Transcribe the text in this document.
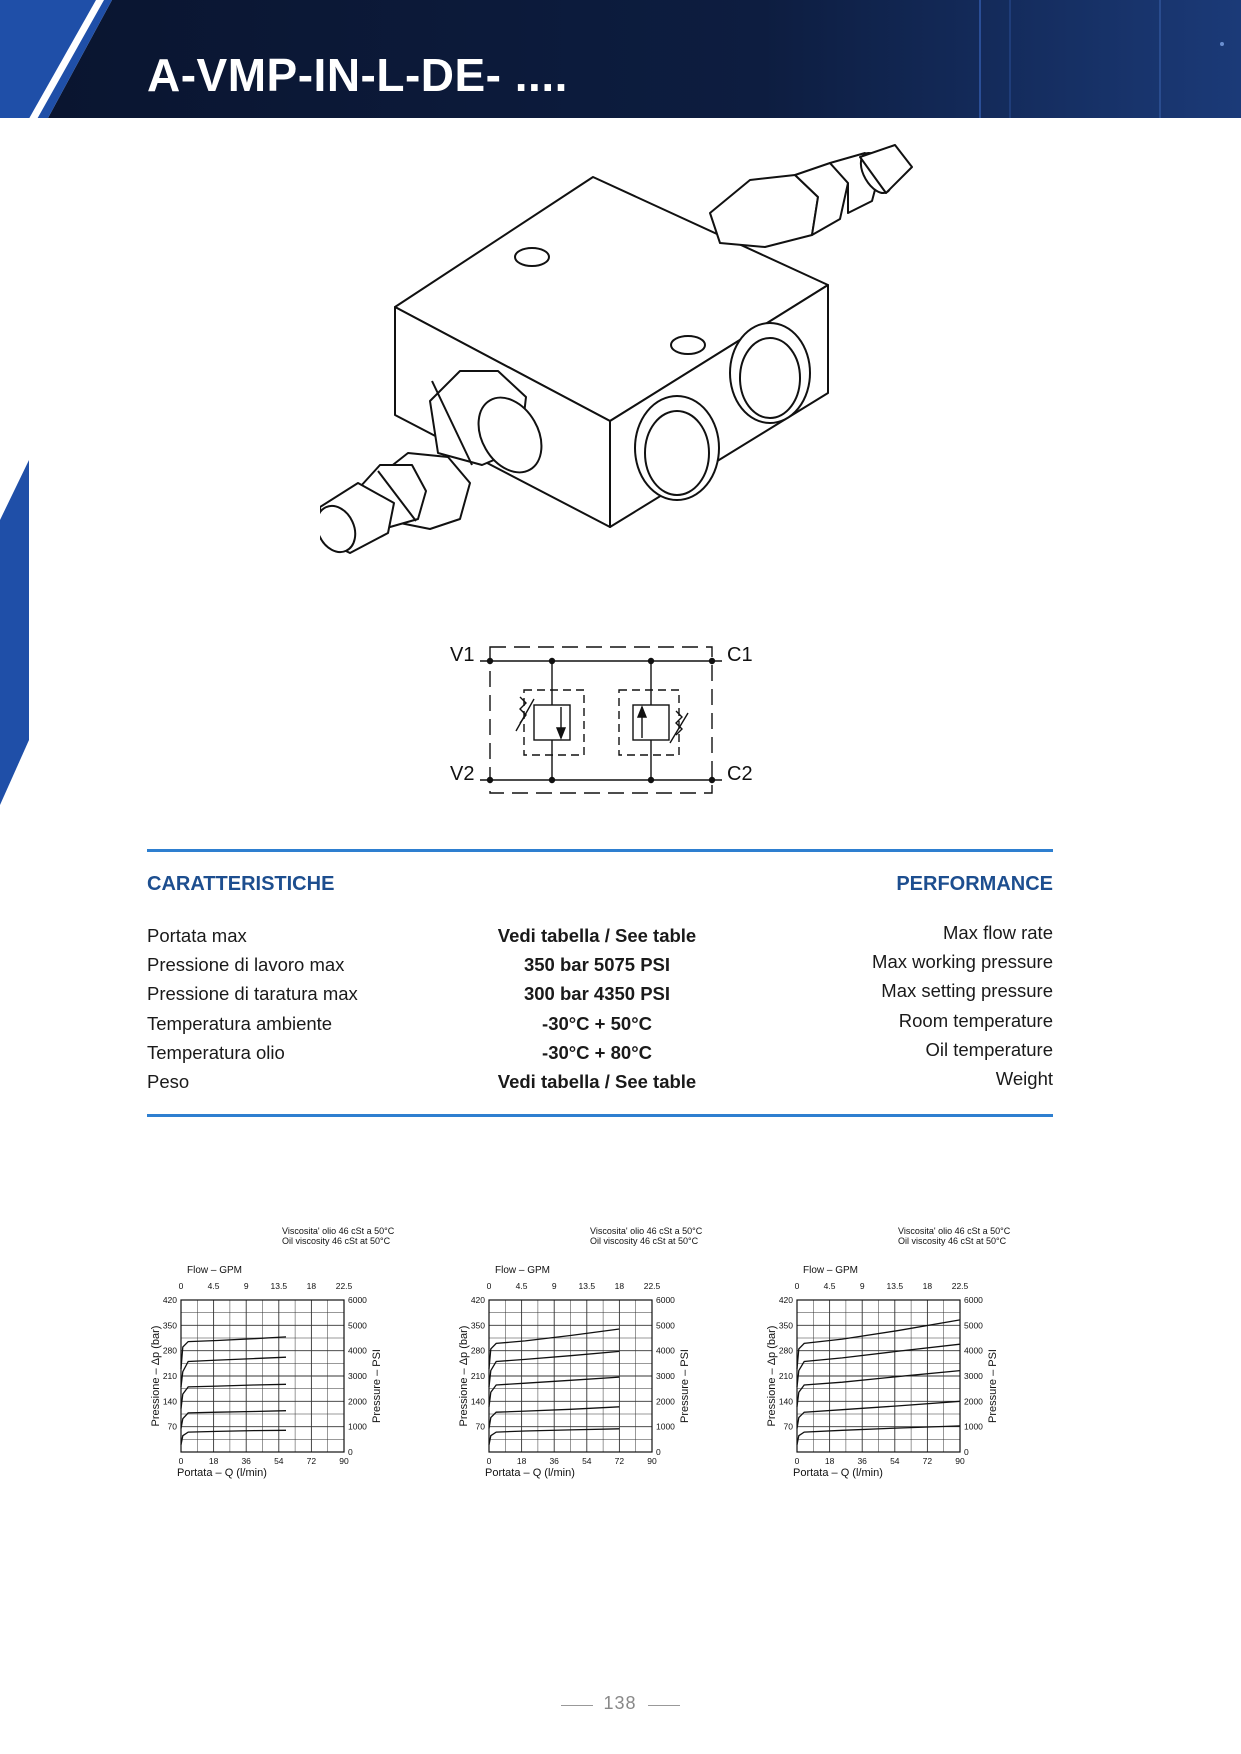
A-VMP-IN-L-DE- ....
V1	C1
V2	C2
CARATTERISTICHE	PERFORMANCE
Portata max	Vedi tabella / See table	Max flow rate
Pressione di lavoro max	350 bar 5075 PSI	Max working pressure
Pressione di taratura max	300 bar 4350 PSI	Max setting pressure
Temperatura ambiente	-30°C + 50°C	Room temperature
Temperatura olio	-30°C + 80°C	Oil temperature
Peso	Vedi tabella / See table	Weight
Viscosita' olio 46 cSt a 50°C
Oil viscosity 46 cSt at 50°C
Flow – GPM
0	4.5	9	13.5 18 22.5
0	18	36	54	72	90
420
350
280
210
140
70
6000
5000
4000
3000
2000
1000
0
Portata – Q (l/min)
Pressione – Δp (bar)	Pressure – PSI
Viscosita' olio 46 cSt a 50°C
Oil viscosity 46 cSt at 50°C
Flow – GPM
0	4.5	9	13.5 18 22.5
0	18	36	54	72	90
420
350
280
210
140
70
6000
5000
4000
3000
2000
1000
0
Portata – Q (l/min)
Pressione – Δp (bar)	Pressure – PSI
Viscosita' olio 46 cSt a 50°C
Oil viscosity 46 cSt at 50°C
Flow – GPM
0	4.5	9	13.5 18 22.5
0	18	36	54	72	90
420
350
280
210
140
70
6000
5000
4000
3000
2000
1000
0
Portata – Q (l/min)
Pressione – Δp (bar)	Pressure – PSI
138
